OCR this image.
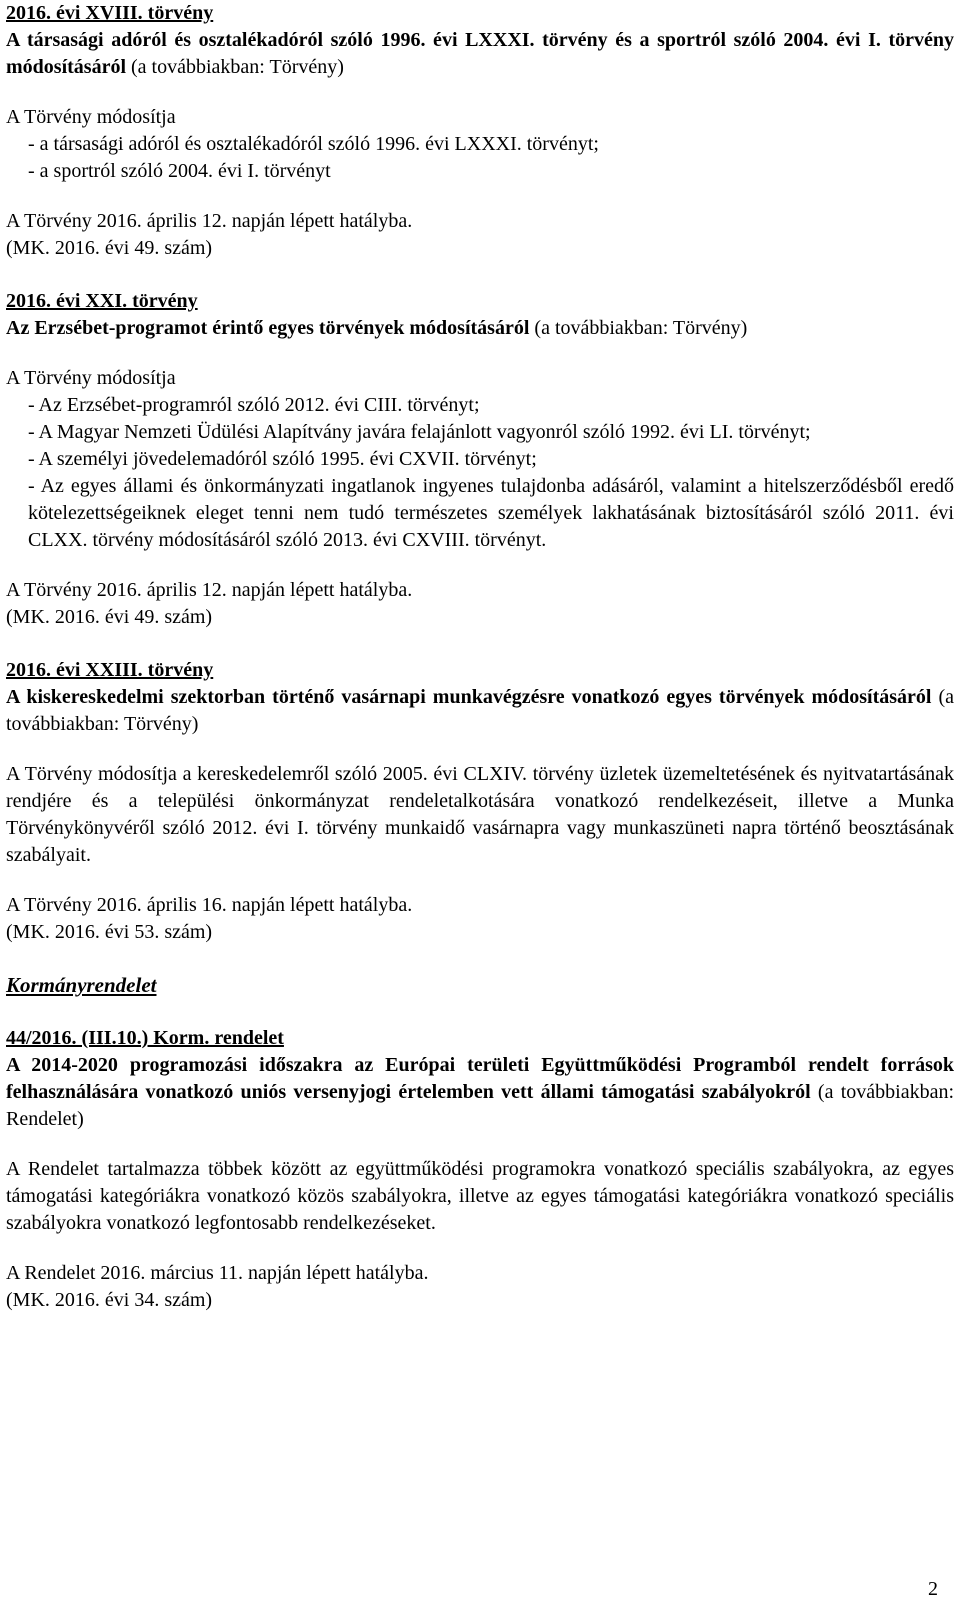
2016. évi XVIII. törvény

A társasági adóról és osztalékadóról szóló 1996. évi LXXXI. törvény és a sportról szóló 2004. évi I. törvény módosításáról (a továbbiakban: Törvény)

A Törvény módosítja

- a társasági adóról és osztalékadóról szóló 1996. évi LXXXI. törvényt;

- a sportról szóló 2004. évi I. törvényt

A Törvény 2016. április 12. napján lépett hatályba.

(MK. 2016. évi 49. szám)

2016. évi XXI. törvény

Az Erzsébet-programot érintő egyes törvények módosításáról (a továbbiakban: Törvény)

A Törvény módosítja

- Az Erzsébet-programról szóló 2012. évi CIII. törvényt;

- A Magyar Nemzeti Üdülési Alapítvány javára felajánlott vagyonról szóló 1992. évi LI. törvényt;

- A személyi jövedelemadóról szóló 1995. évi CXVII. törvényt;

- Az egyes állami és önkormányzati ingatlanok ingyenes tulajdonba adásáról, valamint a hitelszerződésből eredő kötelezettségeiknek eleget tenni nem tudó természetes személyek lakhatásának biztosításáról szóló 2011. évi CLXX. törvény módosításáról szóló 2013. évi CXVIII. törvényt.

A Törvény 2016. április 12. napján lépett hatályba.

(MK. 2016. évi 49. szám)

2016. évi XXIII. törvény

A kiskereskedelmi szektorban történő vasárnapi munkavégzésre vonatkozó egyes törvények módosításáról (a továbbiakban: Törvény)

A Törvény módosítja a kereskedelemről szóló 2005. évi CLXIV. törvény üzletek üzemeltetésének és nyitvatartásának rendjére és a települési önkormányzat rendeletalkotására vonatkozó rendelkezéseit, illetve a Munka Törvénykönyvéről szóló 2012. évi I. törvény munkaidő vasárnapra vagy munkaszüneti napra történő beosztásának szabályait.

A Törvény 2016. április 16. napján lépett hatályba.

(MK. 2016. évi 53. szám)

Kormányrendelet

44/2016. (III.10.) Korm. rendelet

A 2014-2020 programozási időszakra az Európai területi Együttműködési Programból rendelt források felhasználására vonatkozó uniós versenyjogi értelemben vett állami támogatási szabályokról (a továbbiakban: Rendelet)

A Rendelet tartalmazza többek között az együttműködési programokra vonatkozó speciális szabályokra, az egyes támogatási kategóriákra vonatkozó közös szabályokra, illetve az egyes támogatási kategóriákra vonatkozó speciális szabályokra vonatkozó legfontosabb rendelkezéseket.

A Rendelet 2016. március 11. napján lépett hatályba.

(MK. 2016. évi 34. szám)

2
